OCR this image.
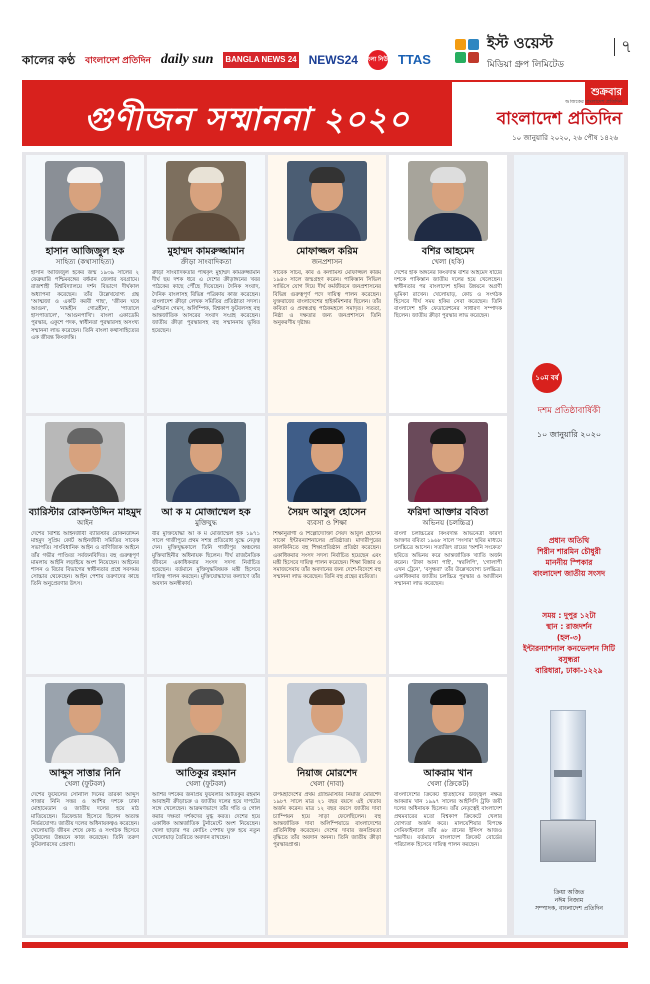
কালের কণ্ঠ বাংলাদেশ প্রতিদিন daily sun BANGLA NEWS 24 NEWS24 বাংলা নিউজ TTAS
ইস্ট ওয়েস্ট
মিডিয়া গ্রুপ লিমিটেড
৭
গুণীজন সম্মাননা ২০২০
শুক্রবার
আজকের বাংলাদেশ প্রতিদিন
বাংলাদেশ প্রতিদিন
১০ জানুয়ারি ২০২০, ২৬ পৌষ ১৪২৬
হাসান আজিজুল হক
সাহিত্য (কথাসাহিত্য)
হাসান আজিজুল হকের জন্ম ১৯৩৯ সালের ২ ফেব্রুয়ারি পশ্চিমবঙ্গের বর্ধমান জেলার যবগ্রামে। রাজশাহী বিশ্ববিদ্যালয়ে দর্শন বিভাগে দীর্ঘকাল অধ্যাপনা করেছেন। তাঁর উল্লেখযোগ্য গ্রন্থ 'আত্মজা ও একটি করবী গাছ', 'জীবন ঘষে আগুন', 'নামহীন গোত্রহীন', 'পাতালে হাসপাতালে', 'আগুনপাখি'। বাংলা একাডেমি পুরস্কার, একুশে পদক, স্বাধীনতা পুরস্কারসহ অসংখ্য সম্মাননা লাভ করেছেন। তিনি বাংলা কথাসাহিত্যের এক জীবন্ত কিংবদন্তি।
মুহাম্মদ কামরুজ্জামান
ক্রীড়া সাংবাদিকতা
ক্রীড়া সাংবাদিকতার পথিকৃৎ মুহাম্মদ কামরুজ্জামান দীর্ঘ ছয় দশক ধরে এ দেশের ক্রীড়াঙ্গনের খবর পাঠকের কাছে পৌঁছে দিয়েছেন। দৈনিক সংবাদ, দৈনিক বাংলাসহ বিভিন্ন পত্রিকায় কাজ করেছেন। বাংলাদেশ ক্রীড়া লেখক সমিতির প্রতিষ্ঠাতা সদস্য। এশিয়ান গেমস, অলিম্পিক, বিশ্বকাপ ফুটবলসহ বহু আন্তর্জাতিক আসরের সংবাদ সংগ্রহ করেছেন। জাতীয় ক্রীড়া পুরস্কারসহ বহু সম্মাননায় ভূষিত হয়েছেন।
মোফাজ্জল করিম
জনপ্রশাসন
সাবেক সচিব, কবি ও কলামিস্ট মোফাজ্জল করিম ১৯৪৩ সালে জন্মগ্রহণ করেন। পাকিস্তান সিভিল সার্ভিসে যোগ দিয়ে দীর্ঘ কর্মজীবনে জনপ্রশাসনের বিভিন্ন গুরুত্বপূর্ণ পদে দায়িত্ব পালন করেছেন। যুক্তরাজ্যে বাংলাদেশের হাইকমিশনার ছিলেন। তাঁর কবিতা ও প্রবন্ধগ্রন্থ পাঠকমহলে সমাদৃত। সততা, নিষ্ঠা ও দক্ষতার জন্য জনপ্রশাসনে তিনি অনুকরণীয় দৃষ্টান্ত।
বশির আহমেদ
খেলা (হকি)
দেশের হকি অঙ্গনের কিংবদন্তি বশির আহমেদ ষাটের দশকে পাকিস্তান জাতীয় দলের হয়ে খেলেছেন। স্বাধীনতার পর বাংলাদেশ হকির উন্নয়নে অগ্রণী ভূমিকা রাখেন। খেলোয়াড়, কোচ ও সংগঠক হিসেবে দীর্ঘ সময় হকির সেবা করেছেন। তিনি বাংলাদেশ হকি ফেডারেশনের সাধারণ সম্পাদক ছিলেন। জাতীয় ক্রীড়া পুরস্কার লাভ করেছেন।
ব্যারিস্টার রোকনউদ্দিন মাহমুদ
আইন
দেশের বিশিষ্ট আইনজীবী ব্যারিস্টার রোকনউদ্দিন মাহমুদ সুপ্রিম কোর্ট আইনজীবী সমিতির সাবেক সভাপতি। সাংবিধানিক আইন ও বাণিজ্যিক আইনে তাঁর গভীর পাণ্ডিত্য সর্বজনবিদিত। বহু গুরুত্বপূর্ণ মামলায় আইনি লড়াইয়ে অংশ নিয়েছেন। আইনের শাসন ও বিচার বিভাগের স্বাধীনতার প্রশ্নে সবসময় সোচ্চার থেকেছেন। আইন পেশায় তরুণদের কাছে তিনি অনুপ্রেরণার উৎস।
আ ক ম মোজাম্মেল হক
মুক্তিযুদ্ধ
বীর মুক্তিযোদ্ধা আ ক ম মোজাম্মেল হক ১৯৭১ সালে গাজীপুরে প্রথম সশস্ত্র প্রতিরোধ যুদ্ধে নেতৃত্ব দেন। মুক্তিযুদ্ধকালে তিনি গাজীপুর অঞ্চলের মুক্তিবাহিনীর অধিনায়ক ছিলেন। দীর্ঘ রাজনৈতিক জীবনে একাধিকবার সংসদ সদস্য নির্বাচিত হয়েছেন। বর্তমানে মুক্তিযুদ্ধবিষয়ক মন্ত্রী হিসেবে দায়িত্ব পালন করছেন। মুক্তিযোদ্ধাদের কল্যাণে তাঁর অবদান অনস্বীকার্য।
সৈয়দ আবুল হোসেন
ব্যবসা ও শিক্ষা
শিক্ষানুরাগী ও শিল্পোদ্যোক্তা সৈয়দ আবুল হোসেন সাকো ইন্টারন্যাশনালের প্রতিষ্ঠাতা। মাদারীপুরের কালকিনিতে বহু শিক্ষাপ্রতিষ্ঠান প্রতিষ্ঠা করেছেন। একাধিকবার সংসদ সদস্য নির্বাচিত হয়েছেন এবং মন্ত্রী হিসেবে দায়িত্ব পালন করেছেন। শিক্ষা বিস্তার ও সমাজসেবায় তাঁর অবদানের জন্য দেশে-বিদেশে বহু সম্মাননা লাভ করেছেন। তিনি বহু গ্রন্থের রচয়িতা।
ফরিদা আক্তার ববিতা
অভিনয় (চলচ্চিত্র)
বাংলা চলচ্চিত্রের কিংবদন্তি অভিনেত্রী ফরিদা আক্তার ববিতা ১৯৬৮ সালে 'সংসার' ছবির মাধ্যমে চলচ্চিত্রে আসেন। সত্যজিৎ রায়ের 'অশনি সংকেত' ছবিতে অভিনয় করে আন্তর্জাতিক খ্যাতি অর্জন করেন। 'টাকা আনা পাই', 'স্বরলিপি', 'গোলাপী এখন ট্রেনে', 'বসুন্ধরা' তাঁর উল্লেখযোগ্য চলচ্চিত্র। একাধিকবার জাতীয় চলচ্চিত্র পুরস্কার ও আজীবন সম্মাননা লাভ করেছেন।
আব্দুস সাত্তার নিনি
খেলা (ফুটবল)
দেশের ফুটবলের সোনালি দিনের তারকা আব্দুস সাত্তার নিনি সত্তর ও আশির দশকে ঢাকা মোহামেডান ও জাতীয় দলের হয়ে মাঠ মাতিয়েছেন। ডিফেন্ডার হিসেবে ছিলেন অত্যন্ত নির্ভরযোগ্য। জাতীয় দলের অধিনায়কত্বও করেছেন। খেলোয়াড়ি জীবন শেষে কোচ ও সংগঠক হিসেবে ফুটবলের উন্নয়নে কাজ করেছেন। তিনি তরুণ ফুটবলারদের প্রেরণা।
আতিকুর রহমান
খেলা (ফুটবল)
আশির দশকের জনপ্রিয় ফুটবলার আতিকুর রহমান আবাহনী ক্রীড়াচক্র ও জাতীয় দলের হয়ে দাপটের সঙ্গে খেলেছেন। আক্রমণভাগে তাঁর গতি ও গোল করার দক্ষতা দর্শকদের মুগ্ধ করত। দেশের হয়ে একাধিক আন্তর্জাতিক টুর্নামেন্টে অংশ নিয়েছেন। খেলা ছাড়ার পর কোচিং পেশায় যুক্ত হয়ে নতুন খেলোয়াড় তৈরিতে অবদান রাখছেন।
নিয়াজ মোরশেদ
খেলা (দাবা)
উপমহাদেশের প্রথম গ্র্যান্ডমাস্টার নিয়াজ মোরশেদ ১৯৮৭ সালে মাত্র ২১ বছর বয়সে এই খেতাব অর্জন করেন। মাত্র ১২ বছর বয়সে জাতীয় দাবা চ্যাম্পিয়ন হয়ে সাড়া ফেলেছিলেন। বহু আন্তর্জাতিক দাবা অলিম্পিয়াডে বাংলাদেশের প্রতিনিধিত্ব করেছেন। দেশের দাবার জনপ্রিয়তা বৃদ্ধিতে তাঁর অবদান অনন্য। তিনি জাতীয় ক্রীড়া পুরস্কারপ্রাপ্ত।
আকরাম খান
খেলা (ক্রিকেট)
বাংলাদেশের ক্রিকেট ইতিহাসের উজ্জ্বল নক্ষত্র আকরাম খান ১৯৯৭ সালের আইসিসি ট্রফি জয়ী দলের অধিনায়ক ছিলেন। তাঁর নেতৃত্বেই বাংলাদেশ প্রথমবারের মতো বিশ্বকাপ ক্রিকেটে খেলার যোগ্যতা অর্জন করে। মালয়েশিয়ার বিপক্ষে সেমিফাইনালে তাঁর ৬৮ রানের ইনিংস আজও স্মরণীয়। বর্তমানে বাংলাদেশ ক্রিকেট বোর্ডের পরিচালক হিসেবে দায়িত্ব পালন করছেন।
১০ম বর্ষ
দশম প্রতিষ্ঠাবার্ষিকী
১০ জানুয়ারি ২০২০
প্রধান অতিথি
শিরীন শারমিন চৌধুরী
মাননীয় স্পিকার
বাংলাদেশ জাতীয় সংসদ
সময় : দুপুর ১২টা
স্থান : রাজদর্শন
(হল-৩)
ইন্টারন্যাশনাল কনভেনশন সিটি বসুন্ধরা
বারিধারা, ঢাকা-১২২৯
ক্রিয়া অজিত
নঈম নিজাম
সম্পাদক, বাংলাদেশ প্রতিদিন
